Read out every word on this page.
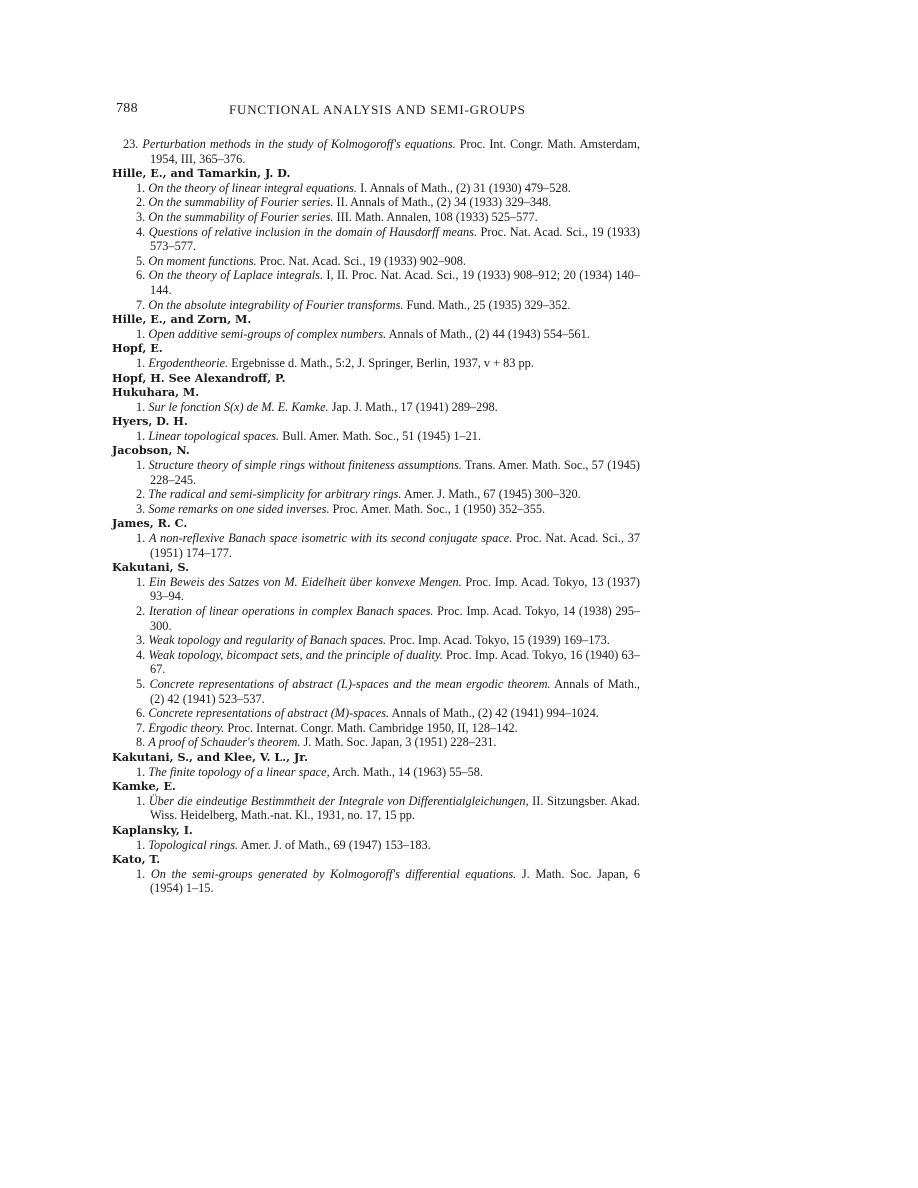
788	FUNCTIONAL ANALYSIS AND SEMI-GROUPS
23. Perturbation methods in the study of Kolmogoroff's equations. Proc. Int. Congr. Math. Amsterdam, 1954, III, 365–376.
Hille, E., and Tamarkin, J. D.
1. On the theory of linear integral equations. I. Annals of Math., (2) 31 (1930) 479–528.
2. On the summability of Fourier series. II. Annals of Math., (2) 34 (1933) 329–348.
3. On the summability of Fourier series. III. Math. Annalen, 108 (1933) 525–577.
4. Questions of relative inclusion in the domain of Hausdorff means. Proc. Nat. Acad. Sci., 19 (1933) 573–577.
5. On moment functions. Proc. Nat. Acad. Sci., 19 (1933) 902–908.
6. On the theory of Laplace integrals. I, II. Proc. Nat. Acad. Sci., 19 (1933) 908–912; 20 (1934) 140–144.
7. On the absolute integrability of Fourier transforms. Fund. Math., 25 (1935) 329–352.
Hille, E., and Zorn, M.
1. Open additive semi-groups of complex numbers. Annals of Math., (2) 44 (1943) 554–561.
Hopf, E.
1. Ergodentheorie. Ergebnisse d. Math., 5:2, J. Springer, Berlin, 1937, v + 83 pp.
Hopf, H. See Alexandroff, P.
Hukuhara, M.
1. Sur le fonction S(x) de M. E. Kamke. Jap. J. Math., 17 (1941) 289–298.
Hyers, D. H.
1. Linear topological spaces. Bull. Amer. Math. Soc., 51 (1945) 1–21.
Jacobson, N.
1. Structure theory of simple rings without finiteness assumptions. Trans. Amer. Math. Soc., 57 (1945) 228–245.
2. The radical and semi-simplicity for arbitrary rings. Amer. J. Math., 67 (1945) 300–320.
3. Some remarks on one sided inverses. Proc. Amer. Math. Soc., 1 (1950) 352–355.
James, R. C.
1. A non-reflexive Banach space isometric with its second conjugate space. Proc. Nat. Acad. Sci., 37 (1951) 174–177.
Kakutani, S.
1. Ein Beweis des Satzes von M. Eidelheit über konvexe Mengen. Proc. Imp. Acad. Tokyo, 13 (1937) 93–94.
2. Iteration of linear operations in complex Banach spaces. Proc. Imp. Acad. Tokyo, 14 (1938) 295–300.
3. Weak topology and regularity of Banach spaces. Proc. Imp. Acad. Tokyo, 15 (1939) 169–173.
4. Weak topology, bicompact sets, and the principle of duality. Proc. Imp. Acad. Tokyo, 16 (1940) 63–67.
5. Concrete representations of abstract (L)-spaces and the mean ergodic theorem. Annals of Math., (2) 42 (1941) 523–537.
6. Concrete representations of abstract (M)-spaces. Annals of Math., (2) 42 (1941) 994–1024.
7. Ergodic theory. Proc. Internat. Congr. Math. Cambridge 1950, II, 128–142.
8. A proof of Schauder's theorem. J. Math. Soc. Japan, 3 (1951) 228–231.
Kakutani, S., and Klee, V. L., Jr.
1. The finite topology of a linear space, Arch. Math., 14 (1963) 55–58.
Kamke, E.
1. Über die eindeutige Bestimmtheit der Integrale von Differentialgleichungen, II. Sitzungsber. Akad. Wiss. Heidelberg, Math.-nat. Kl., 1931, no. 17, 15 pp.
Kaplansky, I.
1. Topological rings. Amer. J. of Math., 69 (1947) 153–183.
Kato, T.
1. On the semi-groups generated by Kolmogoroff's differential equations. J. Math. Soc. Japan, 6 (1954) 1–15.
